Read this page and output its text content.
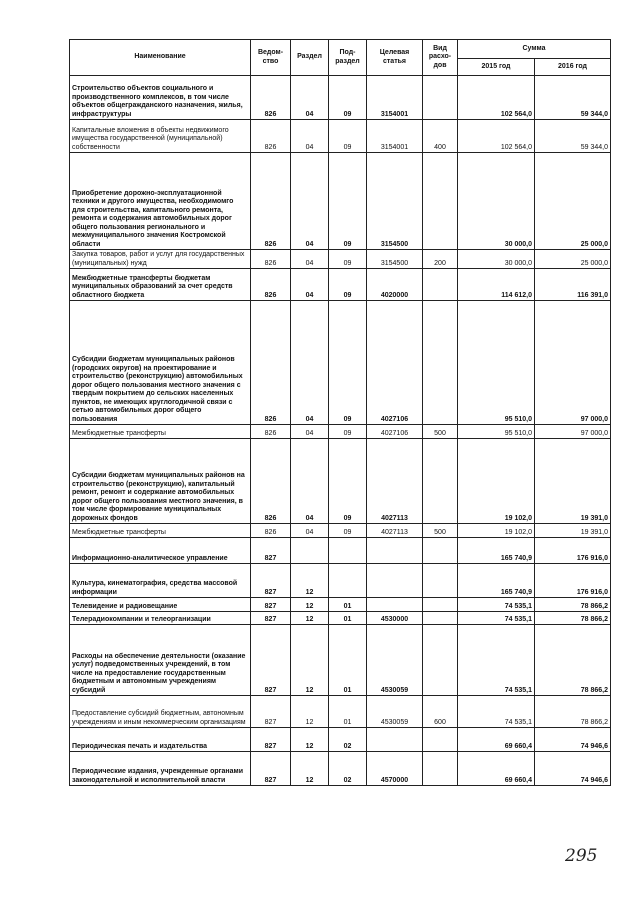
Наименование	Ведом-ство	Раздел	Под-раздел	Целевая статья	Вид расхо-дов	Сумма	
						2015 год	2016 год
Строительство объектов социального и производственного комплексов, в том числе объектов общегражданского назначения, жилья, инфраструктуры	826	04	09	3154001		102 564,0	59 344,0
Капитальные вложения в объекты недвижимого имущества государственной (муниципальной) собственности	826	04	09	3154001	400	102 564,0	59 344,0
Приобретение дорожно-эксплуатационной техники и другого имущества, необходимомго для строительства, капитального ремонта, ремонта и содержания автомобильных дорог общего пользования регионального и межмуниципального значения Костромской области	826	04	09	3154500		30 000,0	25 000,0
Закупка товаров, работ и услуг для государственных (муниципальных) нужд	826	04	09	3154500	200	30 000,0	25 000,0
Межбюджетные трансферты бюджетам муниципальных образований за счет средств областного бюджета	826	04	09	4020000		114 612,0	116 391,0
Субсидии бюджетам муниципальных районов (городских округов) на проектирование и строительство (реконструкцию) автомобильных дорог общего пользования местного значения с твердым покрытием до сельских населенных пунктов, не имеющих круглогодичной связи с сетью автомобильных дорог общего пользования	826	04	09	4027106		95 510,0	97 000,0
Межбюджетные трансферты	826	04	09	4027106	500	95 510,0	97 000,0
Субсидии бюджетам муниципальных районов на строительство (реконструкцию), капитальный ремонт, ремонт и содержание автомобильных дорог общего пользования местного значения, в том числе формирование муниципальных дорожных фондов	826	04	09	4027113		19 102,0	19 391,0
Межбюджетные трансферты	826	04	09	4027113	500	19 102,0	19 391,0
Информационно-аналитическое управление	827					165 740,9	176 916,0
Культура, кинематография, средства массовой информации	827	12				165 740,9	176 916,0
Телевидение и радиовещание	827	12	01			74 535,1	78 866,2
Телерадиокомпании и телеорганизации	827	12	01	4530000		74 535,1	78 866,2
Расходы на обеспечение деятельности (оказание услуг) подведомственных учреждений, в том числе на предоставление государственным бюджетным и автономным учреждениям субсидий	827	12	01	4530059		74 535,1	78 866,2
Предоставление субсидий бюджетным, автономным учреждениям и иным некоммерческим организациям	827	12	01	4530059	600	74 535,1	78 866,2
Периодическая печать и издательства	827	12	02			69 660,4	74 946,6
Периодические издания, учрежденные органами законодательной и исполнительной власти	827	12	02	4570000		69 660,4	74 946,6
295
